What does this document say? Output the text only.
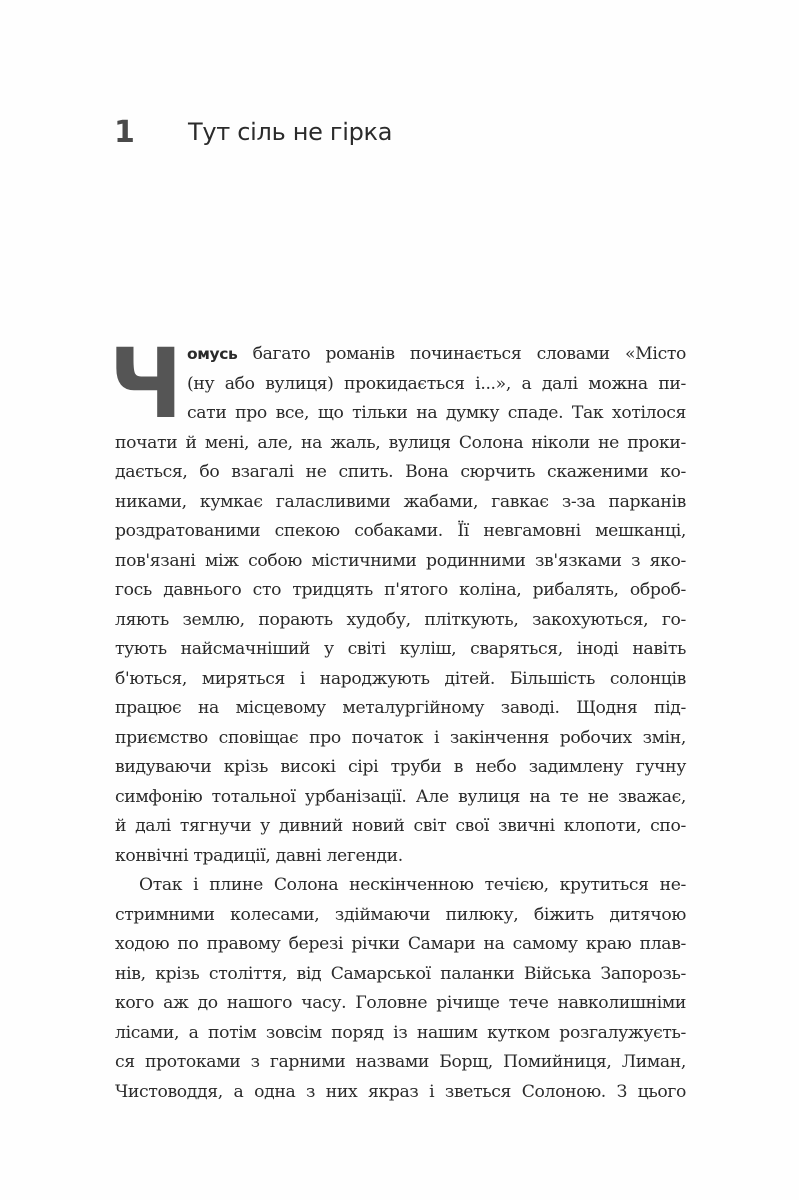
1	Тут сіль не гірка
Ч омусь багато романів починається словами «Місто
(ну або вулиця) прокидається і...», а далі можна пи-
сати про все, що тільки на думку спаде. Так хотілося
почати й мені, але, на жаль, вулиця Солона ніколи не проки-
дається, бо взагалі не спить. Вона сюрчить скаженими ко-
никами, кумкає галасливими жабами, гавкає з-за парканів
роздратованими спекою собаками. Її невгамовні мешканці,
пов'язані між собою містичними родинними зв'язками з яко-
гось давнього сто тридцять п'ятого коліна, рибалять, оброб-
ляють землю, порають худобу, пліткують, закохуються, го-
тують найсмачніший у світі куліш, сваряться, іноді навіть
б'ються, миряться і народжують дітей. Більшість солонців
працює на місцевому металургійному заводі. Щодня під-
приємство сповіщає про початок і закінчення робочих змін,
видуваючи крізь високі сірі труби в небо задимлену гучну
симфонію тотальної урбанізації. Але вулиця на те не зважає,
й далі тягнучи у дивний новий світ свої звичні клопоти, спо-
конвічні традиції, давні легенди.
Отак і плине Солона нескінченною течією, крутиться не-
стримними колесами, здіймаючи пилюку, біжить дитячою
ходою по правому березі річки Самари на самому краю плав-
нів, крізь століття, від Самарської паланки Війська Запорозь-
кого аж до нашого часу. Головне річище тече навколишніми
лісами, а потім зовсім поряд із нашим кутком розгалужуєть-
ся протоками з гарними назвами Борщ, Помийниця, Лиман,
Чистоводдя, а одна з них якраз і зветься Солоною. З цього
